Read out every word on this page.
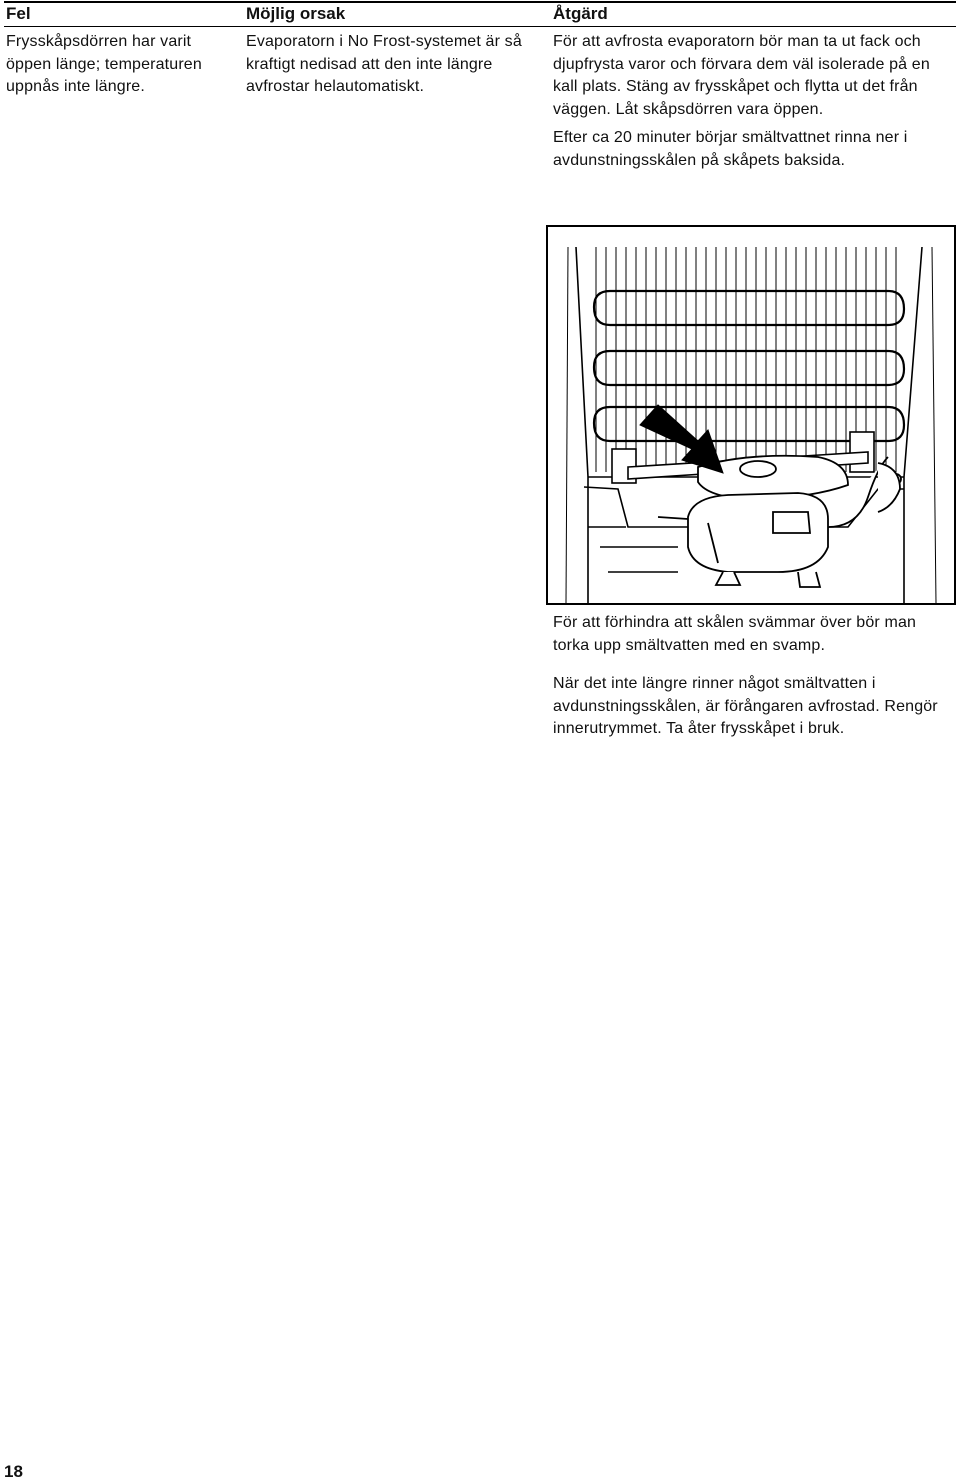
Fel	Möjlig orsak	Åtgärd
Frysskåpsdörren har varit öppen länge; temperaturen uppnås inte längre.
Evaporatorn i No Frost-systemet är så kraftigt nedisad att den inte längre avfrostar helautomatiskt.

För att avfrosta evaporatorn bör man ta ut fack och djupfrysta varor och förvara dem väl isolerade på en kall plats. Stäng av frysskåpet och flytta ut det från väggen. Låt skåpsdörren vara öppen.

Efter ca 20 minuter börjar smältvattnet rinna ner i avdunstningsskålen på skåpets baksida.

För att förhindra att skålen svämmar över bör man torka upp smältvatten med en svamp.

När det inte längre rinner något smältvatten i avdunstningsskålen, är förångaren avfrostad. Rengör innerutrymmet. Ta åter frysskåpet i bruk.

18
